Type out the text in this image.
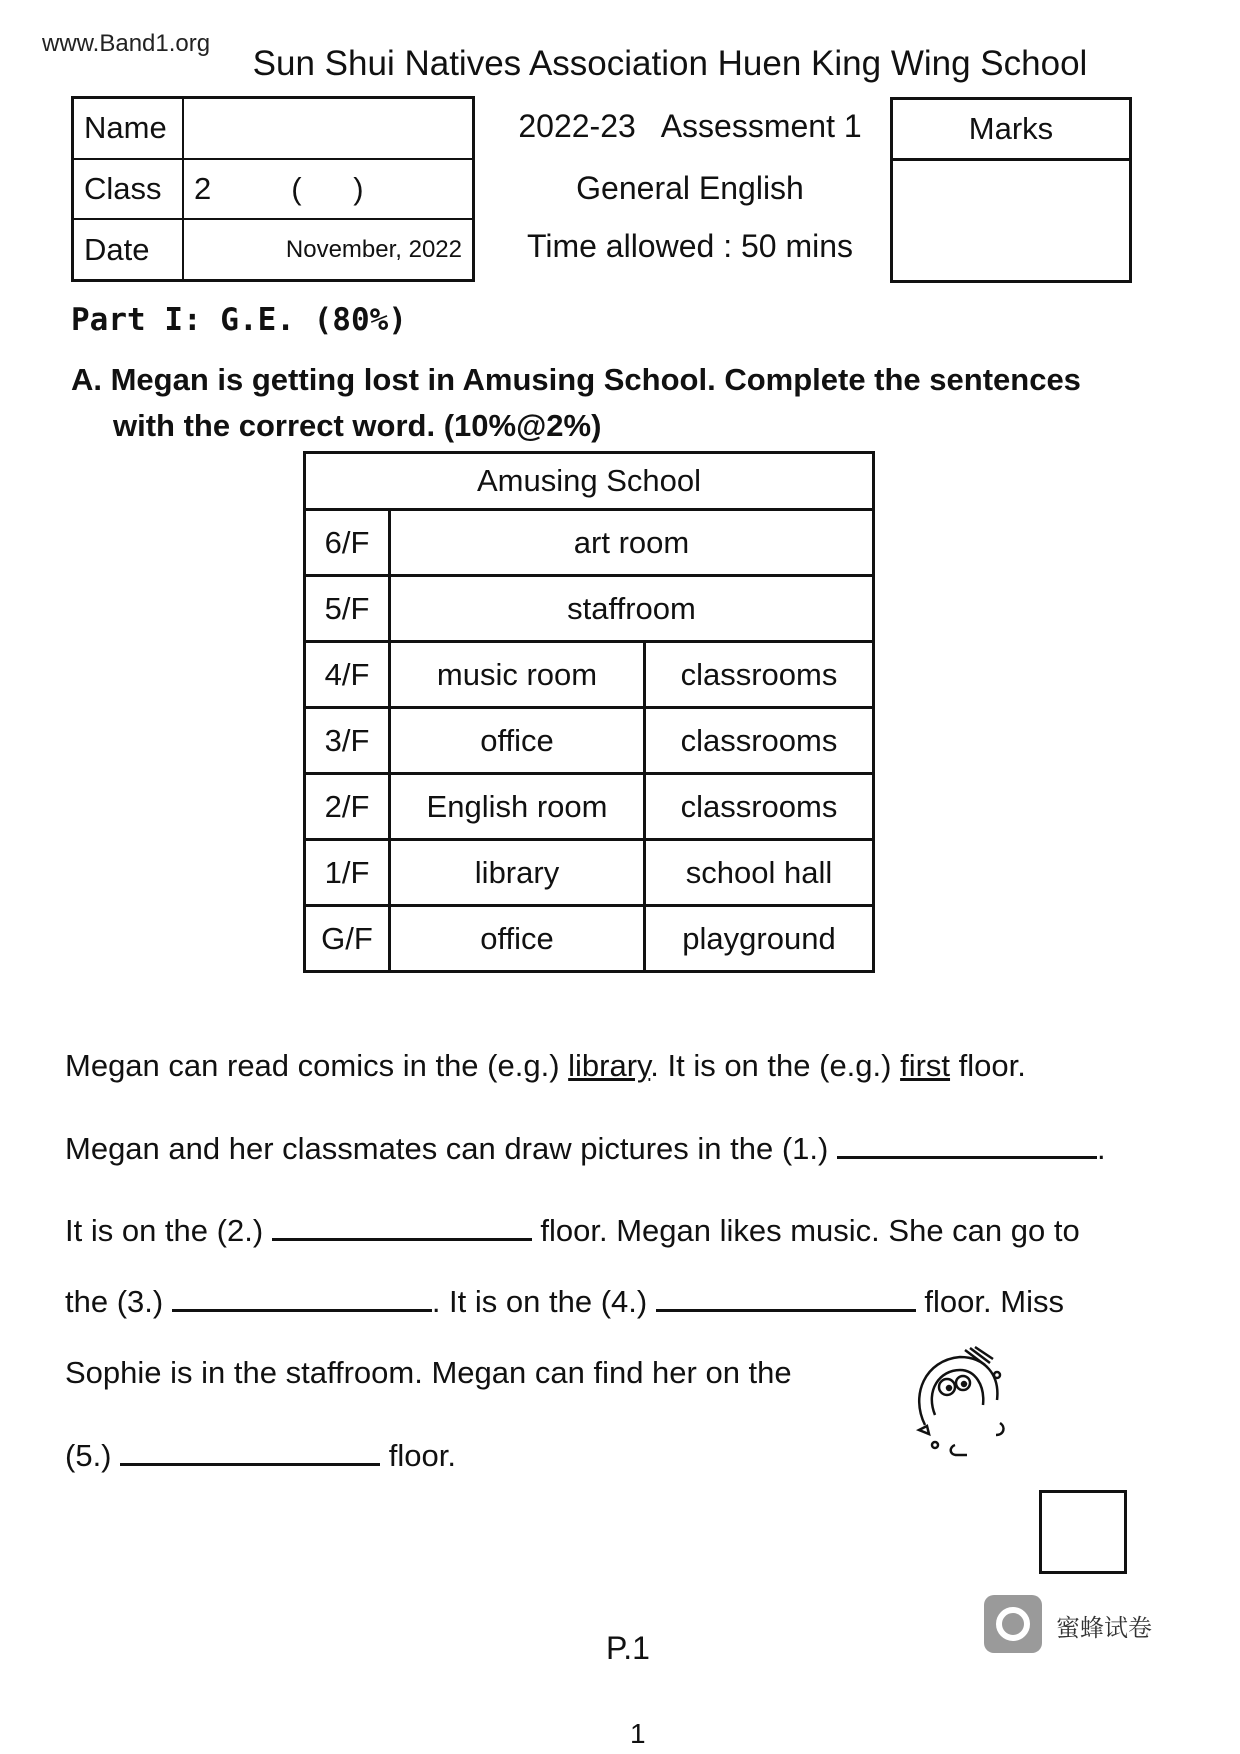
www.Band1.org
Sun Shui Natives Association Huen King Wing School
Name	
Class	2 (      )
Date	November, 2022
2022-23   Assessment 1
General English
Time allowed : 50 mins
Marks
Part I: G.E. (80%)
A. Megan is getting lost in Amusing School. Complete the sentences
with the correct word. (10%@2%)
Amusing School		
6/F	art room	
5/F	staffroom	
4/F	music room	classrooms
3/F	office	classrooms
2/F	English room	classrooms
1/F	library	school hall
G/F	office	playground
Megan can read comics in the (e.g.) library. It is on the (e.g.) first floor.
Megan and her classmates can draw pictures in the (1.)	.
It is on the (2.)	floor. Megan likes music. She can go to
the (3.)	. It is on the (4.)	floor. Miss
Sophie is in the staffroom. Megan can find her on the
(5.)	floor.
蜜蜂试卷
P.1
1
